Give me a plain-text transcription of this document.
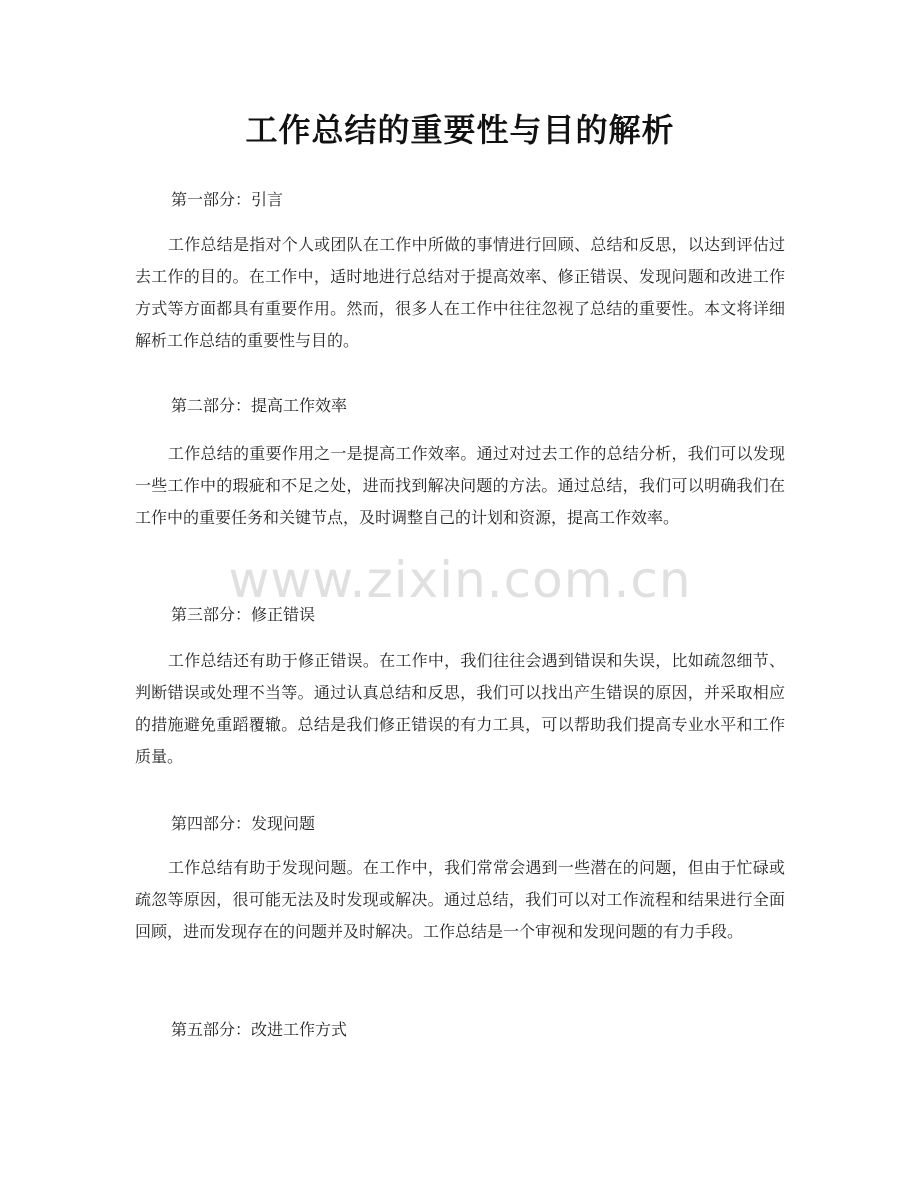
工作总结的重要性与目的解析
第一部分：引言

工作总结是指对个人或团队在工作中所做的事情进行回顾、总结和反思，以达到评估过去工作的目的。在工作中，适时地进行总结对于提高效率、修正错误、发现问题和改进工作方式等方面都具有重要作用。然而，很多人在工作中往往忽视了总结的重要性。本文将详细解析工作总结的重要性与目的。

第二部分：提高工作效率

工作总结的重要作用之一是提高工作效率。通过对过去工作的总结分析，我们可以发现一些工作中的瑕疵和不足之处，进而找到解决问题的方法。通过总结，我们可以明确我们在工作中的重要任务和关键节点，及时调整自己的计划和资源，提高工作效率。

第三部分：修正错误

工作总结还有助于修正错误。在工作中，我们往往会遇到错误和失误，比如疏忽细节、判断错误或处理不当等。通过认真总结和反思，我们可以找出产生错误的原因，并采取相应的措施避免重蹈覆辙。总结是我们修正错误的有力工具，可以帮助我们提高专业水平和工作质量。

第四部分：发现问题

工作总结有助于发现问题。在工作中，我们常常会遇到一些潜在的问题，但由于忙碌或疏忽等原因，很可能无法及时发现或解决。通过总结，我们可以对工作流程和结果进行全面回顾，进而发现存在的问题并及时解决。工作总结是一个审视和发现问题的有力手段。

第五部分：改进工作方式
www.zixin.com.cn
